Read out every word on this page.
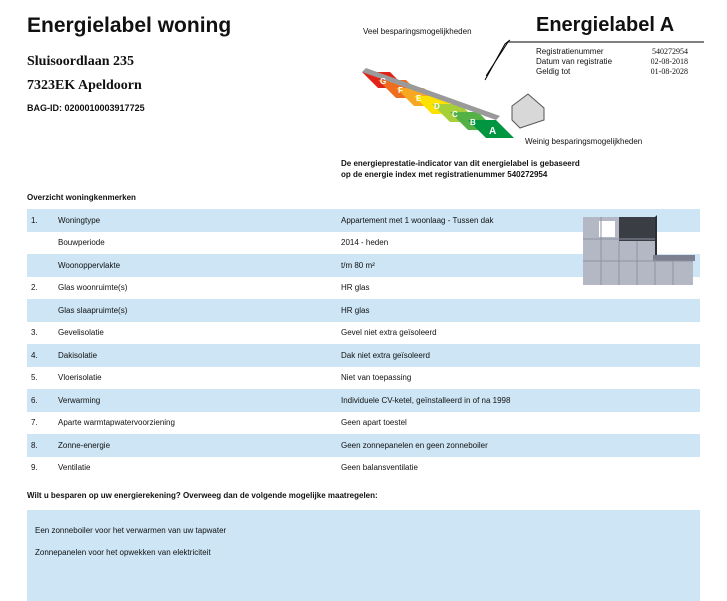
Energielabel woning
Sluisoordlaan 235
7323EK Apeldoorn
BAG-ID: 0200010003917725
Veel besparingsmogelijkheden
G
F
E
D
C
B
A
Energielabel A
Registratienummer	540272954
Datum van registratie	02-08-2018
Geldig tot	01-08-2028
Weinig besparingsmogelijkheden
De energieprestatie-indicator van dit energielabel is gebaseerd
op de energie index met registratienummer 540272954
Overzicht woningkenmerken
1.	Woningtype	Appartement met 1 woonlaag - Tussen dak
Bouwperiode	2014 - heden
Woonoppervlakte	t/m 80 m²
2.	Glas woonruimte(s)	HR glas
Glas slaapruimte(s)	HR glas
3.	Gevelisolatie	Gevel niet extra geïsoleerd
4.	Dakisolatie	Dak niet extra geïsoleerd
5.	Vloerisolatie	Niet van toepassing
6.	Verwarming	Individuele CV-ketel, geïnstalleerd in of na 1998
7.	Aparte warmtapwatervoorziening	Geen apart toestel
8.	Zonne-energie	Geen zonnepanelen en geen zonneboiler
9.	Ventilatie	Geen balansventilatie
Wilt u besparen op uw energierekening? Overweeg dan de volgende mogelijke maatregelen:
Een zonneboiler voor het verwarmen van uw tapwater
Zonnepanelen voor het opwekken van elektriciteit
